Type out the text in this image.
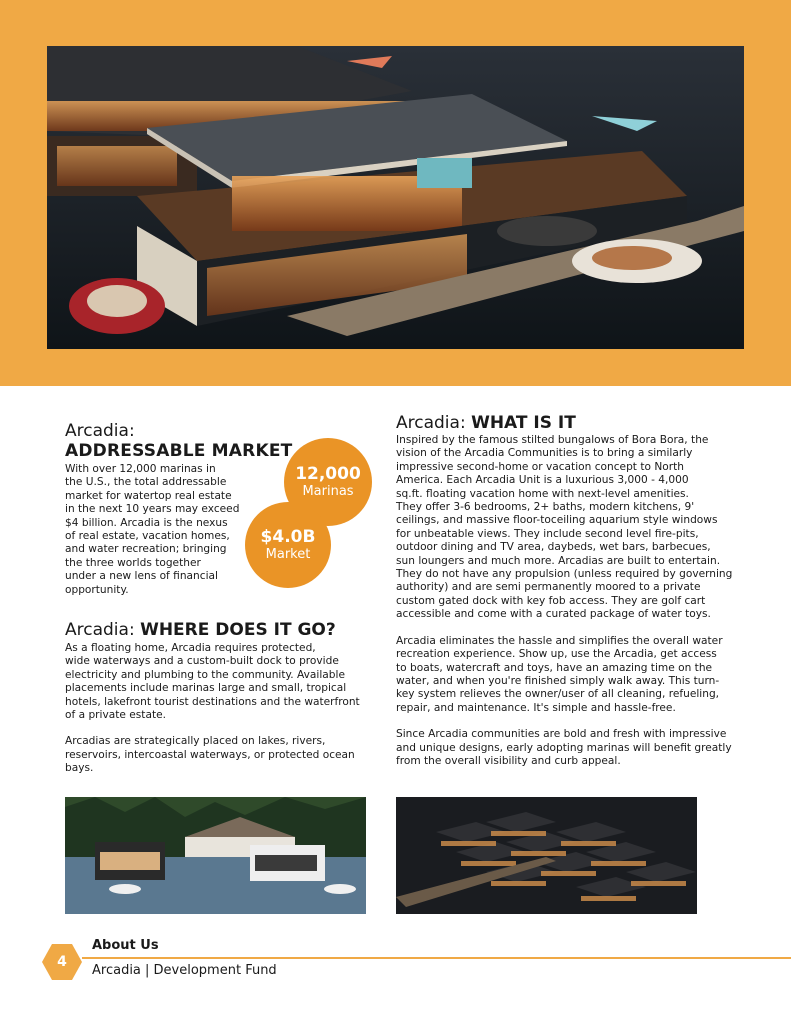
Arcadia:
ADDRESSABLE MARKET
With over 12,000 marinas in
the U.S., the total addressable
market for watertop real estate
in the next 10 years may exceed
$4 billion. Arcadia is the nexus
of real estate, vacation homes,
and water recreation; bringing
the three worlds together
under a new lens of financial
opportunity.
12,000
Marinas
$4.0B
Market
Arcadia: WHERE DOES IT GO?
As a floating home, Arcadia requires protected,
wide waterways and a custom-built dock to provide
electricity and plumbing to the community. Available
placements include marinas large and small, tropical
hotels, lakefront tourist destinations and the waterfront
of a private estate.
Arcadias are strategically placed on lakes, rivers,
reservoirs, intercoastal waterways, or protected ocean
bays.
Arcadia: WHAT IS IT
Inspired by the famous stilted bungalows of Bora Bora, the
vision of the Arcadia Communities is to bring a similarly
impressive second-home or vacation concept to North
America. Each Arcadia Unit is a luxurious 3,000 - 4,000
sq.ft. floating vacation home with next-level amenities.
They offer 3-6 bedrooms, 2+ baths, modern kitchens, 9'
ceilings, and massive floor-toceiling aquarium style windows
for unbeatable views. They include second level fire-pits,
outdoor dining and TV area, daybeds, wet bars, barbecues,
sun loungers and much more. Arcadias are built to entertain.
They do not have any propulsion (unless required by governing
authority) and are semi permanently moored to a private
custom gated dock with key fob access. They are golf cart
accessible and come with a curated package of water toys.
Arcadia eliminates the hassle and simplifies the overall water
recreation experience. Show up, use the Arcadia, get access
to boats, watercraft and toys, have an amazing time on the
water, and when you're finished simply walk away. This turn-
key system relieves the owner/user of all cleaning, refueling,
repair, and maintenance. It's simple and hassle-free.
Since Arcadia communities are bold and fresh with impressive
and unique designs, early adopting marinas will benefit greatly
from the overall visibility and curb appeal.
4
About Us
Arcadia | Development Fund
